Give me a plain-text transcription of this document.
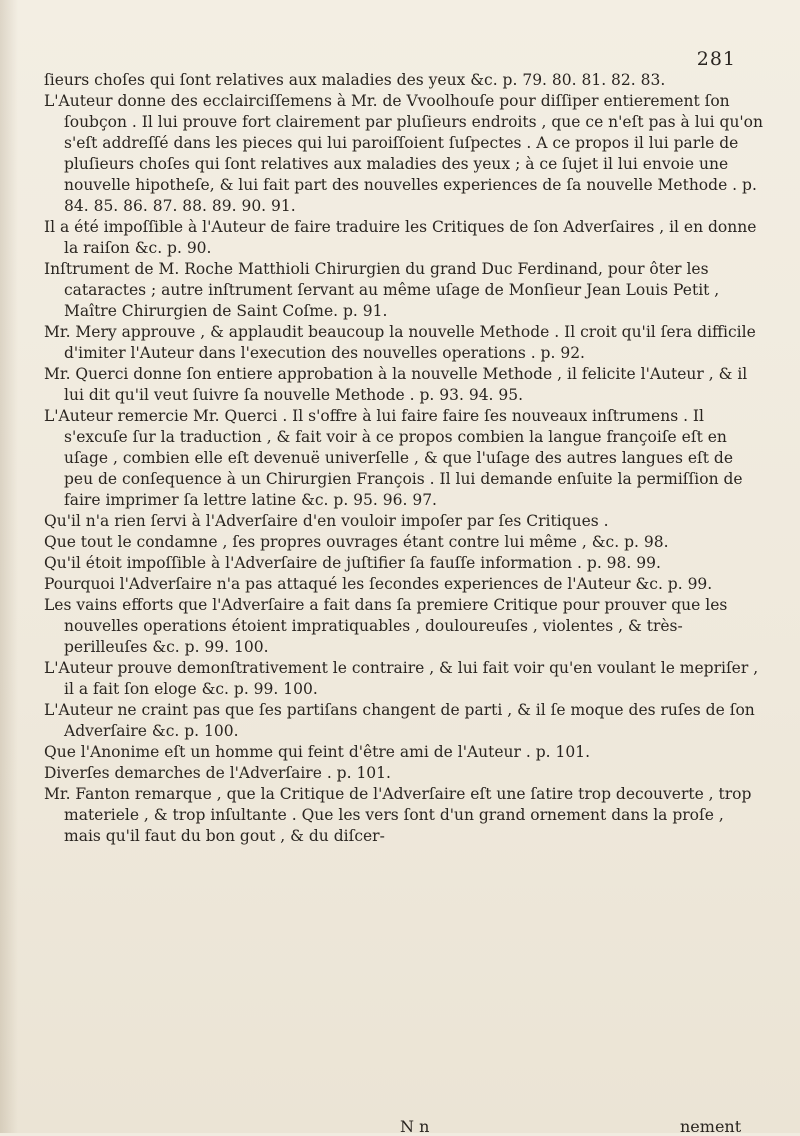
281

ſieurs choſes qui ſont relatives aux maladies des yeux &c. p. 79. 80. 81. 82. 83.

L'Auteur donne des ecclairciſſemens à Mr. de Vvoolhouſe pour diſſiper entierement ſon ſoubçon . Il lui prouve fort clairement par pluſieurs endroits , que ce n'eſt pas à lui qu'on s'eſt addreſſé dans les pieces qui lui paroiſſoient ſuſpectes . A ce propos il lui parle de pluſieurs choſes qui ſont relatives aux maladies des yeux ; à ce ſujet il lui envoie une nouvelle hipotheſe, & lui fait part des nouvelles experiences de ſa nouvelle Methode . p. 84. 85. 86. 87. 88. 89. 90. 91.

Il a été impoſſible à l'Auteur de faire traduire les Critiques de ſon Adverſaires , il en donne la raiſon &c. p. 90.

Inſtrument de M. Roche Matthioli Chirurgien du grand Duc Ferdinand, pour ôter les cataractes ; autre inſtrument ſervant au même uſage de Monſieur Jean Louis Petit , Maître Chirurgien de Saint Coſme. p. 91.

Mr. Mery approuve , & applaudit beaucoup la nouvelle Methode . Il croit qu'il ſera difficile d'imiter l'Auteur dans l'execution des nouvelles operations . p. 92.

Mr. Querci donne ſon entiere approbation à la nouvelle Methode , il felicite l'Auteur , & il lui dit qu'il veut ſuivre ſa nouvelle Methode . p. 93. 94. 95.

L'Auteur remercie Mr. Querci . Il s'offre à lui faire faire ſes nouveaux inſtrumens . Il s'excuſe ſur la traduction , & fait voir à ce propos combien la langue françoiſe eſt en uſage , combien elle eſt devenuë univerſelle , & que l'uſage des autres langues eſt de peu de conſequence à un Chirurgien François . Il lui demande enſuite la permiſſion de faire imprimer ſa lettre latine &c. p. 95. 96. 97.

Qu'il n'a rien ſervi à l'Adverſaire d'en vouloir impoſer par ſes Critiques .

Que tout le condamne , ſes propres ouvrages étant contre lui même , &c. p. 98.

Qu'il étoit impoſſible à l'Adverſaire de juſtifier ſa fauſſe information . p. 98. 99.

Pourquoi l'Adverſaire n'a pas attaqué les ſecondes experiences de l'Auteur &c. p. 99.

Les vains efforts que l'Adverſaire a fait dans ſa premiere Critique pour prouver que les nouvelles operations étoient impratiquables , douloureuſes , violentes , & très-perilleuſes &c. p. 99. 100.

L'Auteur prouve demonſtrativement le contraire , & lui fait voir qu'en voulant le mepriſer , il a fait ſon eloge &c. p. 99. 100.

L'Auteur ne craint pas que ſes partiſans changent de parti , & il ſe moque des ruſes de ſon Adverſaire &c. p. 100.

Que l'Anonime eſt un homme qui feint d'être ami de l'Auteur . p. 101.

Diverſes demarches de l'Adverſaire . p. 101.

Mr. Fanton remarque , que la Critique de l'Adverſaire eſt une ſatire trop decouverte , trop materiele , & trop inſultante . Que les vers ſont d'un grand ornement dans la proſe , mais qu'il faut du bon gout , & du diſcer-

N n	nement
